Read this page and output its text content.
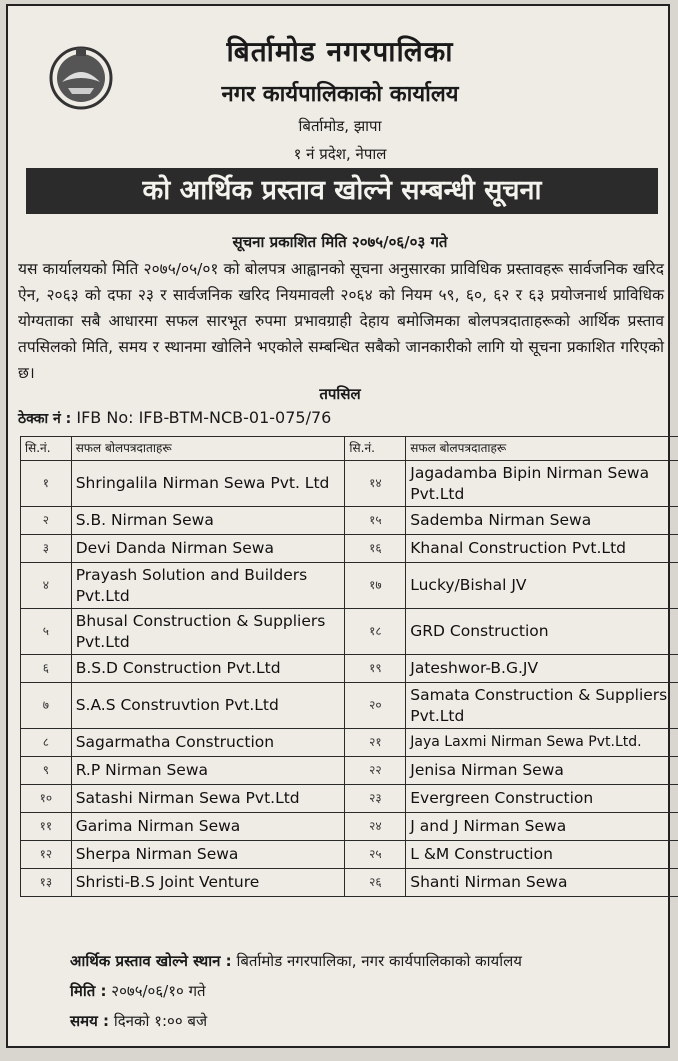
बिर्तामोड नगरपालिका
नगर कार्यपालिकाको कार्यालय
बिर्तामोड, झापा
१ नं प्रदेश, नेपाल
को आर्थिक प्रस्ताव खोल्ने सम्बन्धी सूचना
सूचना प्रकाशित मिति २०७५/०६/०३ गते
यस कार्यालयको मिति २०७५/०५/०१ को बोलपत्र आह्वानको सूचना अनुसारका प्राविधिक प्रस्तावहरू सार्वजनिक खरिद ऐन, २०६३ को दफा २३ र सार्वजनिक खरिद नियमावली २०६४ को नियम ५९, ६०, ६२ र ६३ प्रयोजनार्थ प्राविधिक योग्यताका सबै आधारमा सफल सारभूत रुपमा प्रभावग्राही देहाय बमोजिमका बोलपत्रदाताहरूको आर्थिक प्रस्ताव तपसिलको मिति, समय र स्थानमा खोलिने भएकोले सम्बन्धित सबैको जानकारीको लागि यो सूचना प्रकाशित गरिएको छ।
तपसिल
ठेक्का नं : IFB No: IFB-BTM-NCB-01-075/76
सि.नं.	सफल बोलपत्रदाताहरू	सि.नं.	सफल बोलपत्रदाताहरू
१	Shringalila Nirman Sewa Pvt. Ltd	१४	Jagadamba Bipin Nirman Sewa Pvt.Ltd
२	S.B. Nirman Sewa	१५	Sademba Nirman Sewa
३	Devi Danda Nirman Sewa	१६	Khanal Construction Pvt.Ltd
४	Prayash Solution and Builders Pvt.Ltd	१७	Lucky/Bishal JV
५	Bhusal Construction & Suppliers Pvt.Ltd	१८	GRD Construction
६	B.S.D Construction Pvt.Ltd	१९	Jateshwor-B.G.JV
७	S.A.S Construvtion Pvt.Ltd	२०	Samata Construction & Suppliers Pvt.Ltd
८	Sagarmatha Construction	२१	Jaya Laxmi Nirman Sewa Pvt.Ltd.
९	R.P Nirman Sewa	२२	Jenisa Nirman Sewa
१०	Satashi Nirman Sewa Pvt.Ltd	२३	Evergreen Construction
११	Garima Nirman Sewa	२४	J and J Nirman Sewa
१२	Sherpa Nirman Sewa	२५	L &M Construction
१३	Shristi-B.S Joint Venture	२६	Shanti Nirman Sewa
आर्थिक प्रस्ताव खोल्ने स्थान : बिर्तामोड नगरपालिका, नगर कार्यपालिकाको कार्यालय
मिति : २०७५/०६/१० गते
समय : दिनको १:०० बजे
